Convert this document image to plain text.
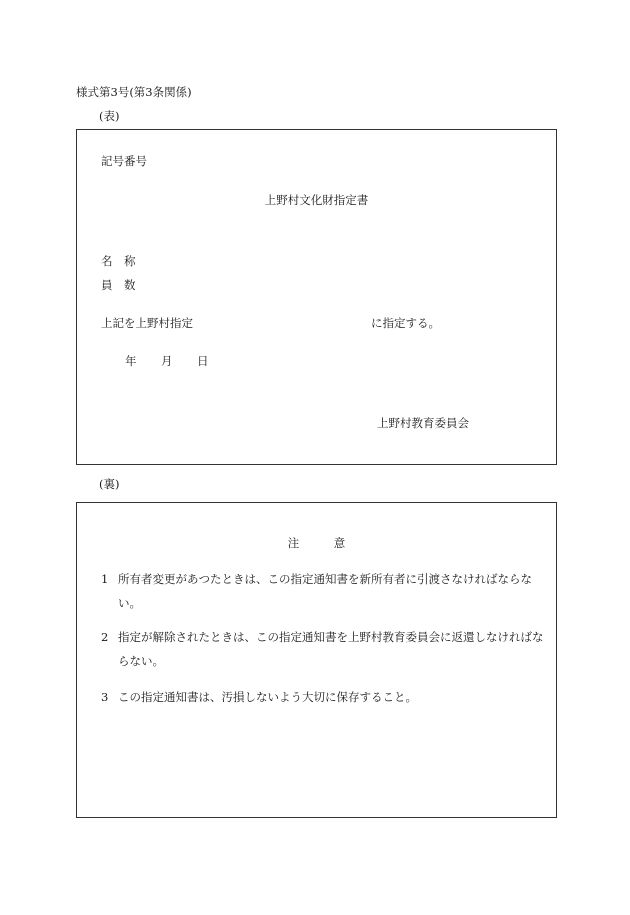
様式第3号(第3条関係)
(表)
記号番号
上野村文化財指定書
名　称
員　数
上記を上野村指定	に指定する。
年 月 日
上野村教育委員会
(裏)
注　　　意
1 所有者変更があつたときは、この指定通知書を新所有者に引渡さなければならない。
2 指定が解除されたときは、この指定通知書を上野村教育委員会に返還しなければならない。
3 この指定通知書は、汚損しないよう大切に保存すること。
